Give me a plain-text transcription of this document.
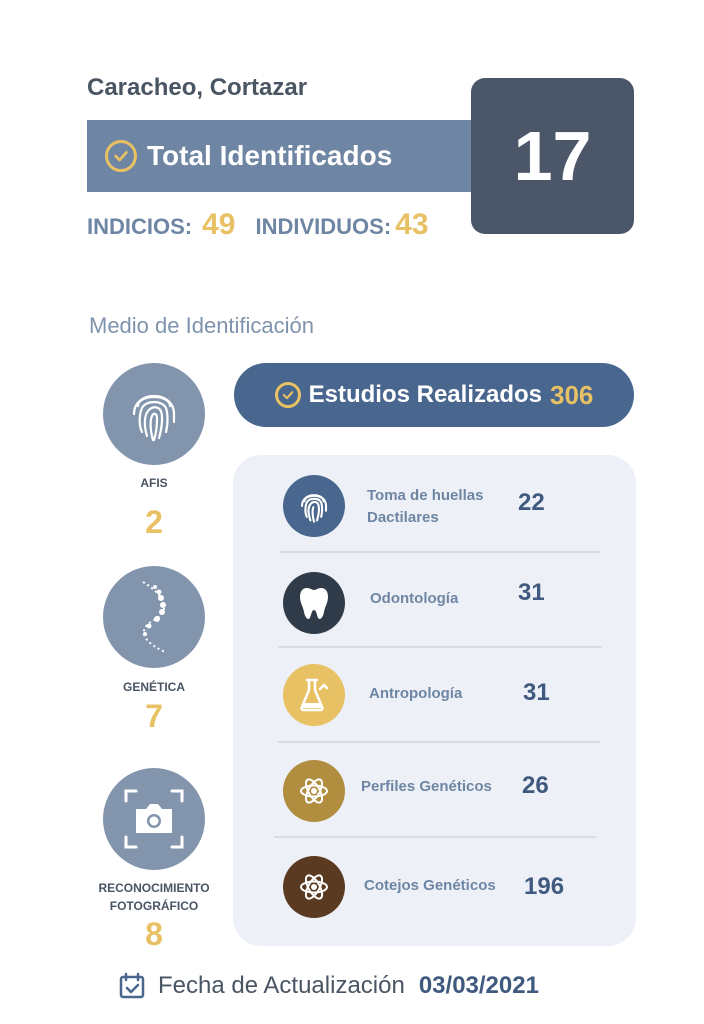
Caracheo, Cortazar
Total Identificados 17
INDICIOS: 49 INDIVIDUOS: 43
Medio de Identificación
AFIS
2
GENÉTICA
7
RECONOCIMIENTO
FOTOGRÁFICO
8
Estudios Realizados 306
Toma de huellas
Dactilares
22
Odontología 31
Antropología	31
Perfiles Genéticos 26
Cotejos Genéticos 196
Fecha de Actualización 03/03/2021
